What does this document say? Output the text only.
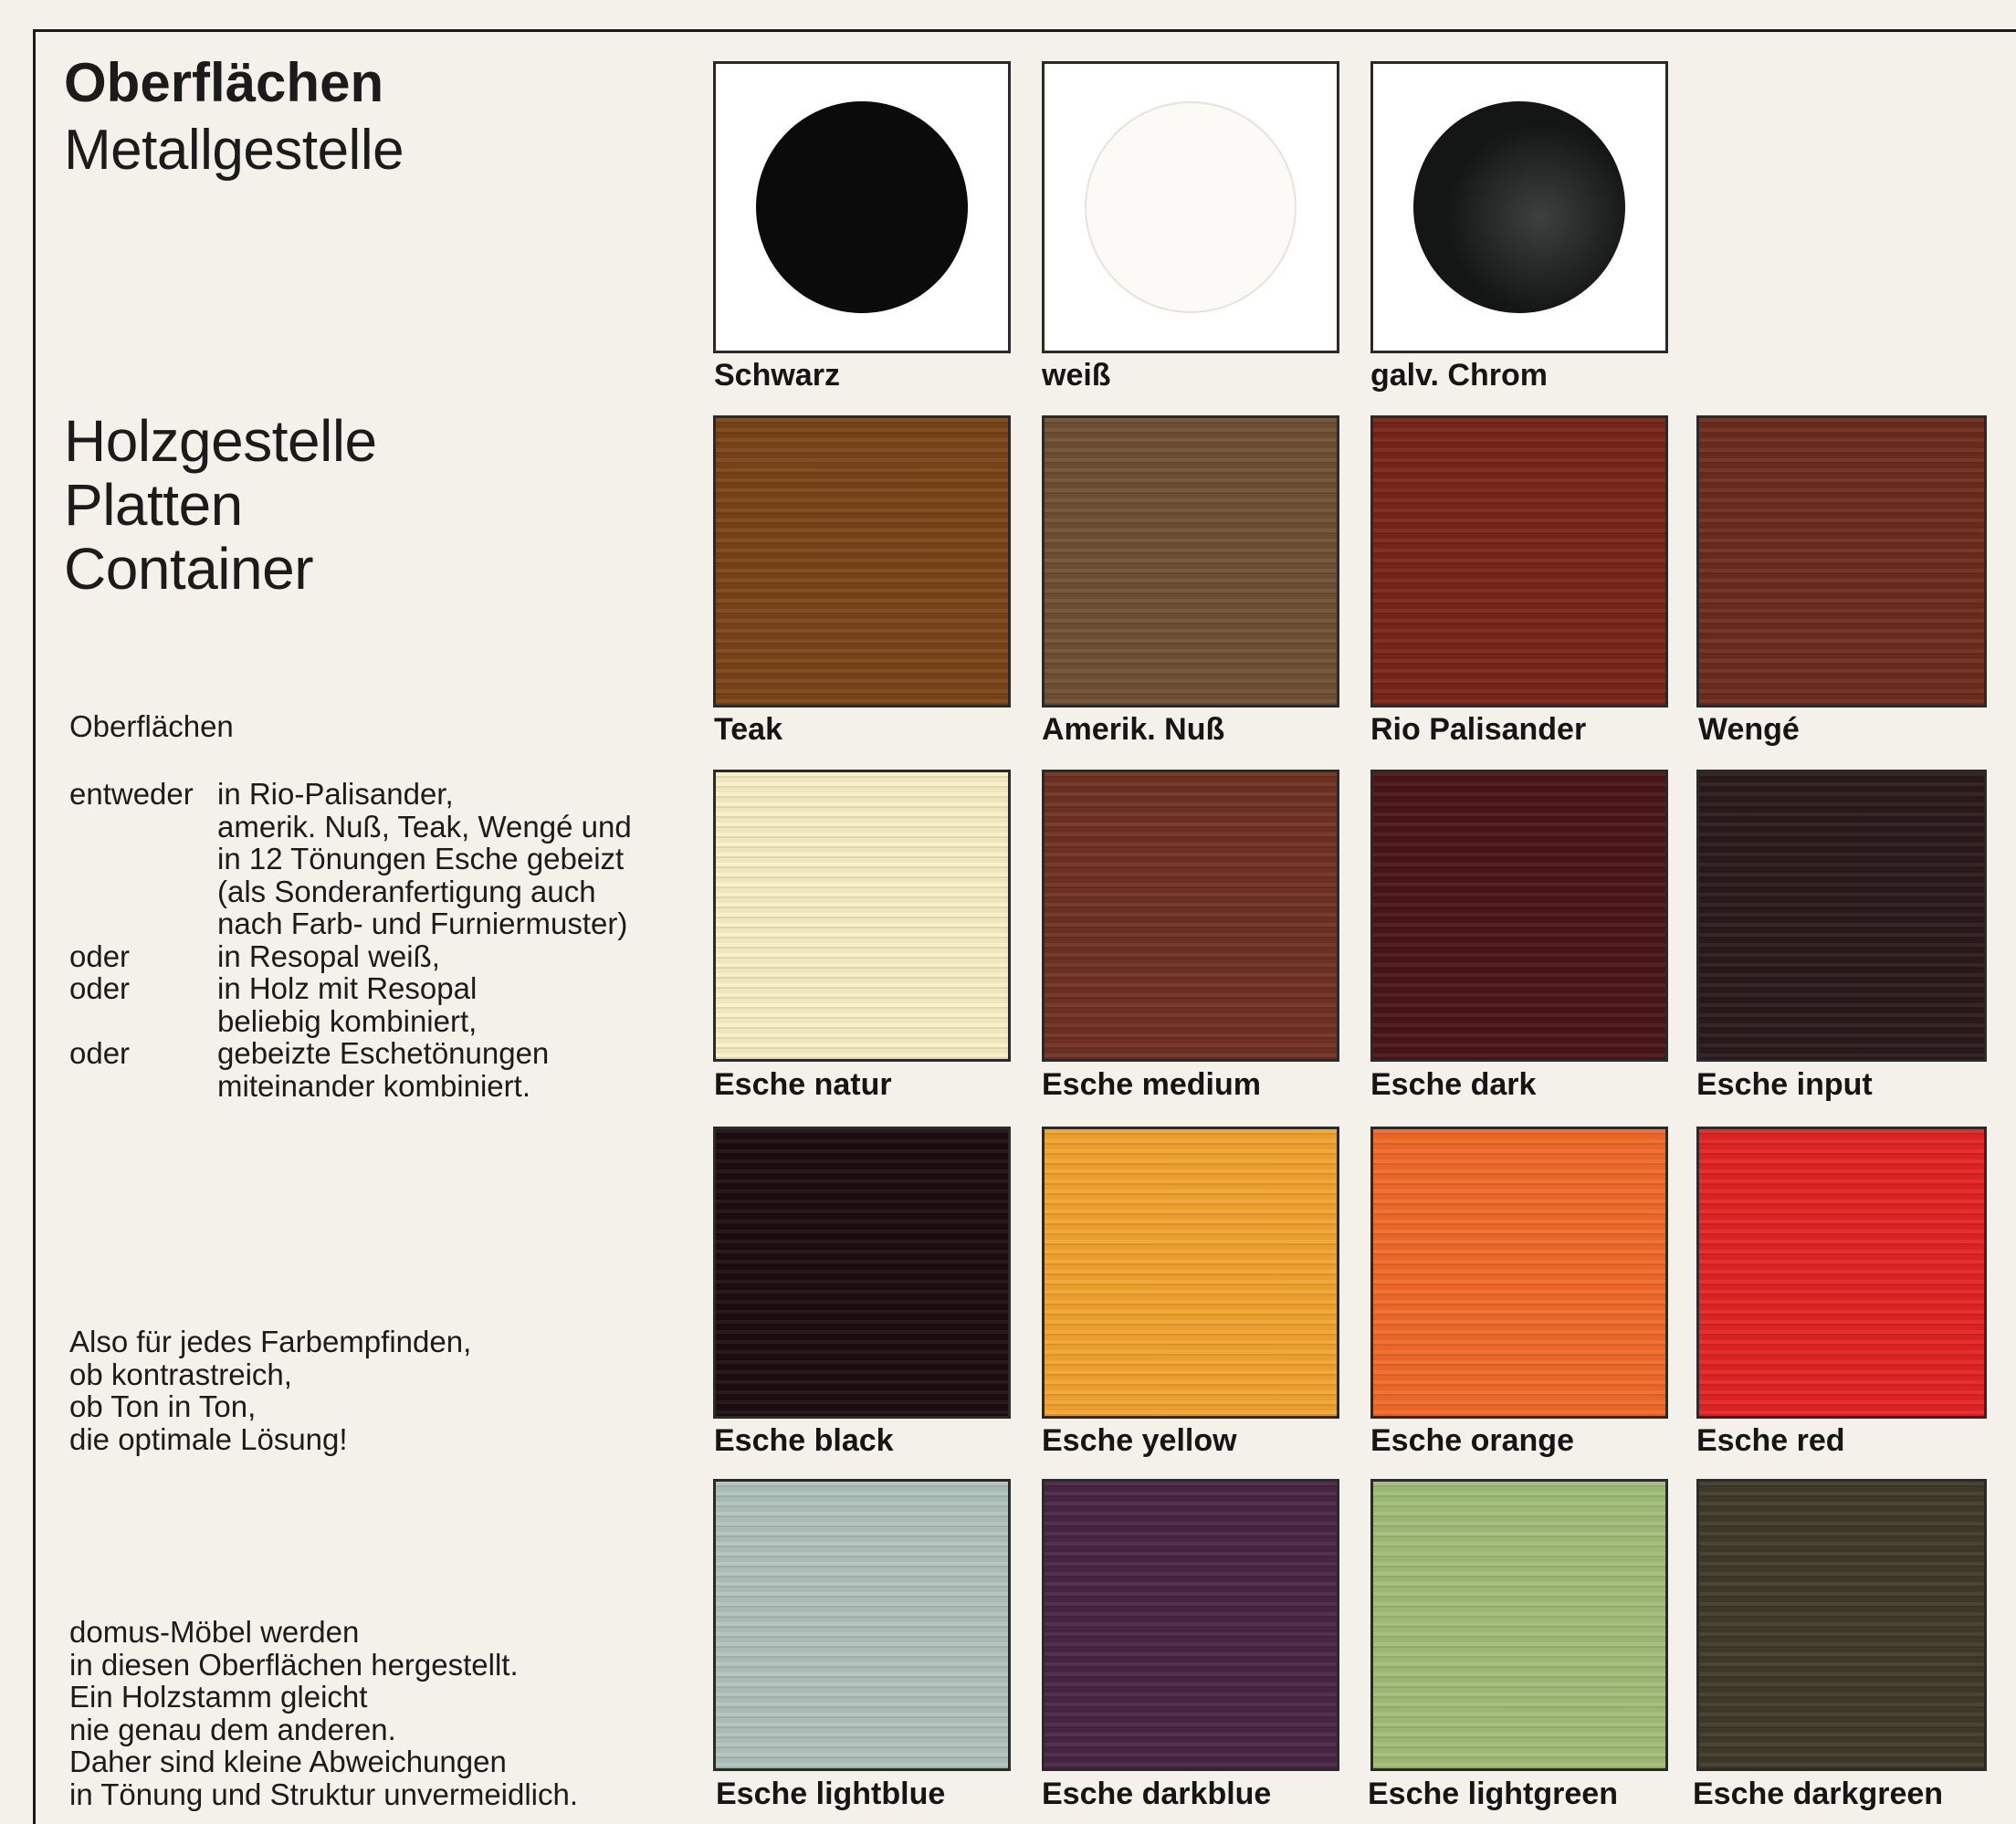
Oberflächen
Metallgestelle
Holzgestelle
Platten
Container
Oberflächen
entweder in Rio-Palisander,
amerik. Nuß, Teak, Wengé und
in 12 Tönungen Esche gebeizt
(als Sonderanfertigung auch
nach Farb- und Furniermuster)
oder	in Resopal weiß,
oder	in Holz mit Resopal
beliebig kombiniert,
oder	gebeizte Eschetönungen
miteinander kombiniert.
Also für jedes Farbempfinden,
ob kontrastreich,
ob Ton in Ton,
die optimale Lösung!
domus-Möbel werden
in diesen Oberflächen hergestellt.
Ein Holzstamm gleicht
nie genau dem anderen.
Daher sind kleine Abweichungen
in Tönung und Struktur unvermeidlich.
Schwarz	weiß	galv. Chrom
Teak	Amerik. Nuß	Rio Palisander	Wengé
Esche natur	Esche medium	Esche dark	Esche input
Esche black	Esche yellow	Esche orange	Esche red
Esche lightblue	Esche darkblue	Esche lightgreen Esche darkgreen
